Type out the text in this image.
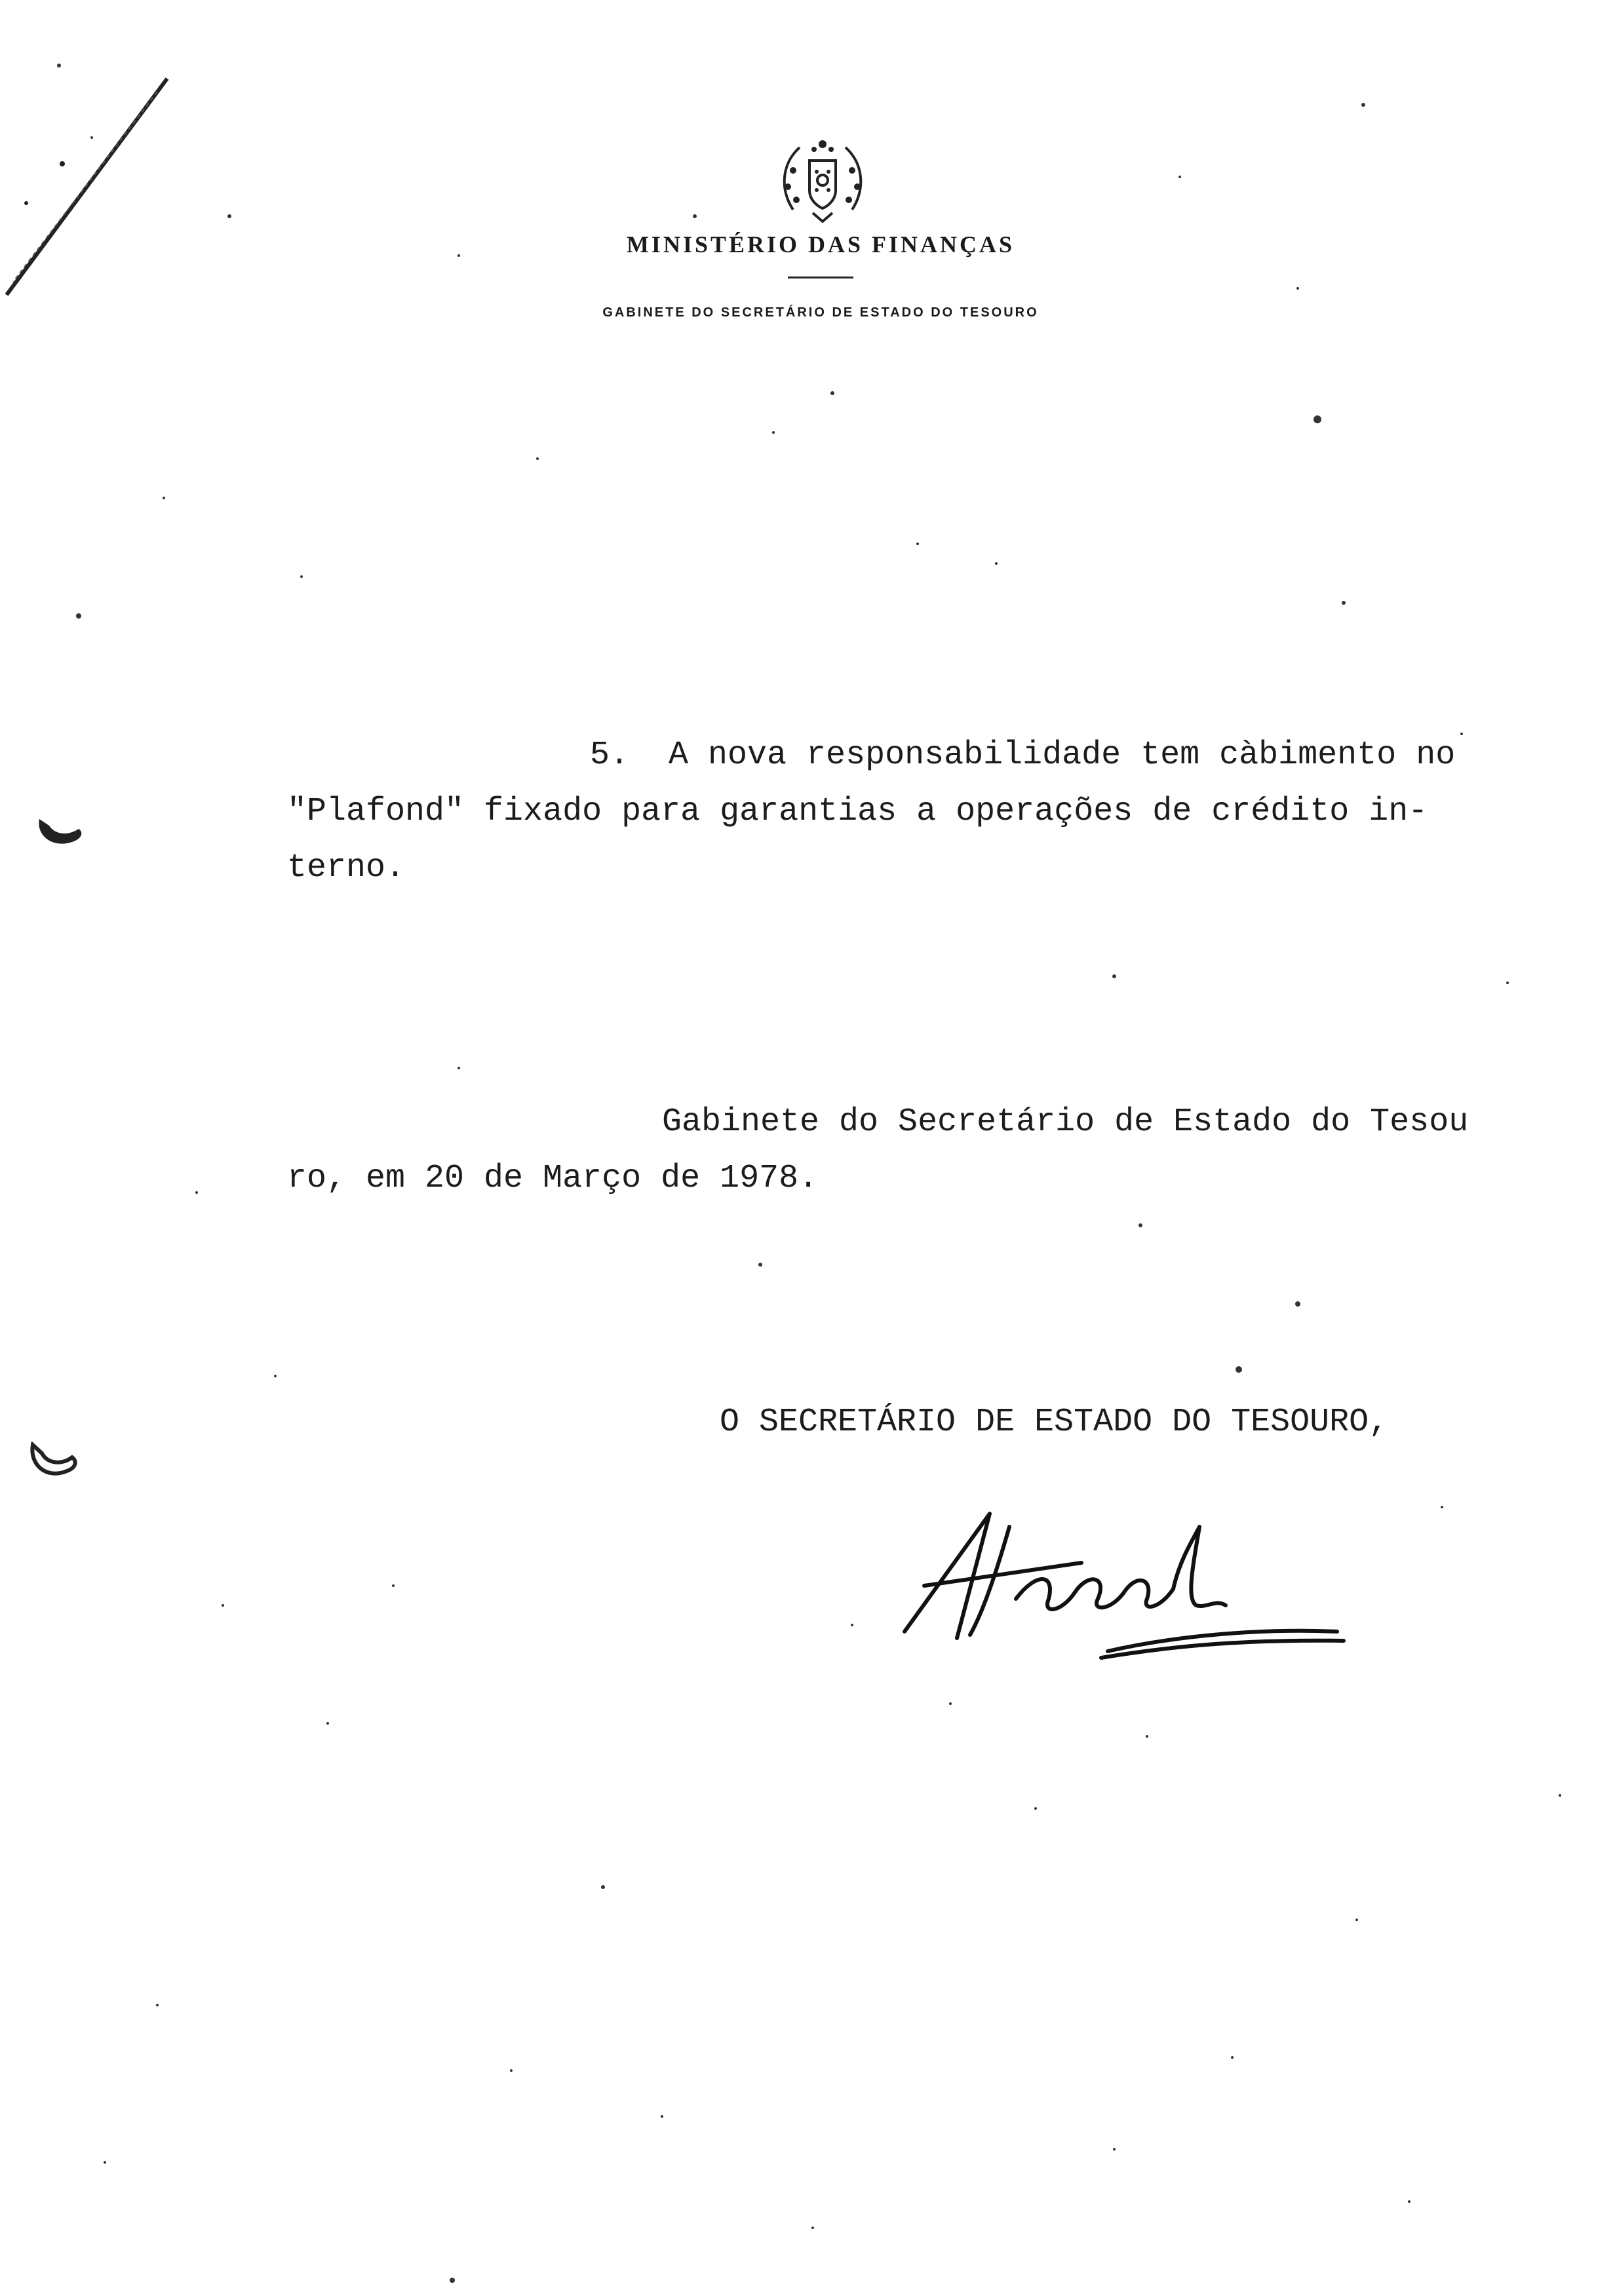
MINISTÉRIO DAS FINANÇAS
GABINETE DO SECRETÁRIO DE ESTADO DO TESOURO
5.  A nova responsabilidade tem càbimento no
"Plafond" fixado para garantias a operações de crédito in-
terno.
Gabinete do Secretário de Estado do Tesou
ro, em 20 de Março de 1978.
O SECRETÁRIO DE ESTADO DO TESOURO,
